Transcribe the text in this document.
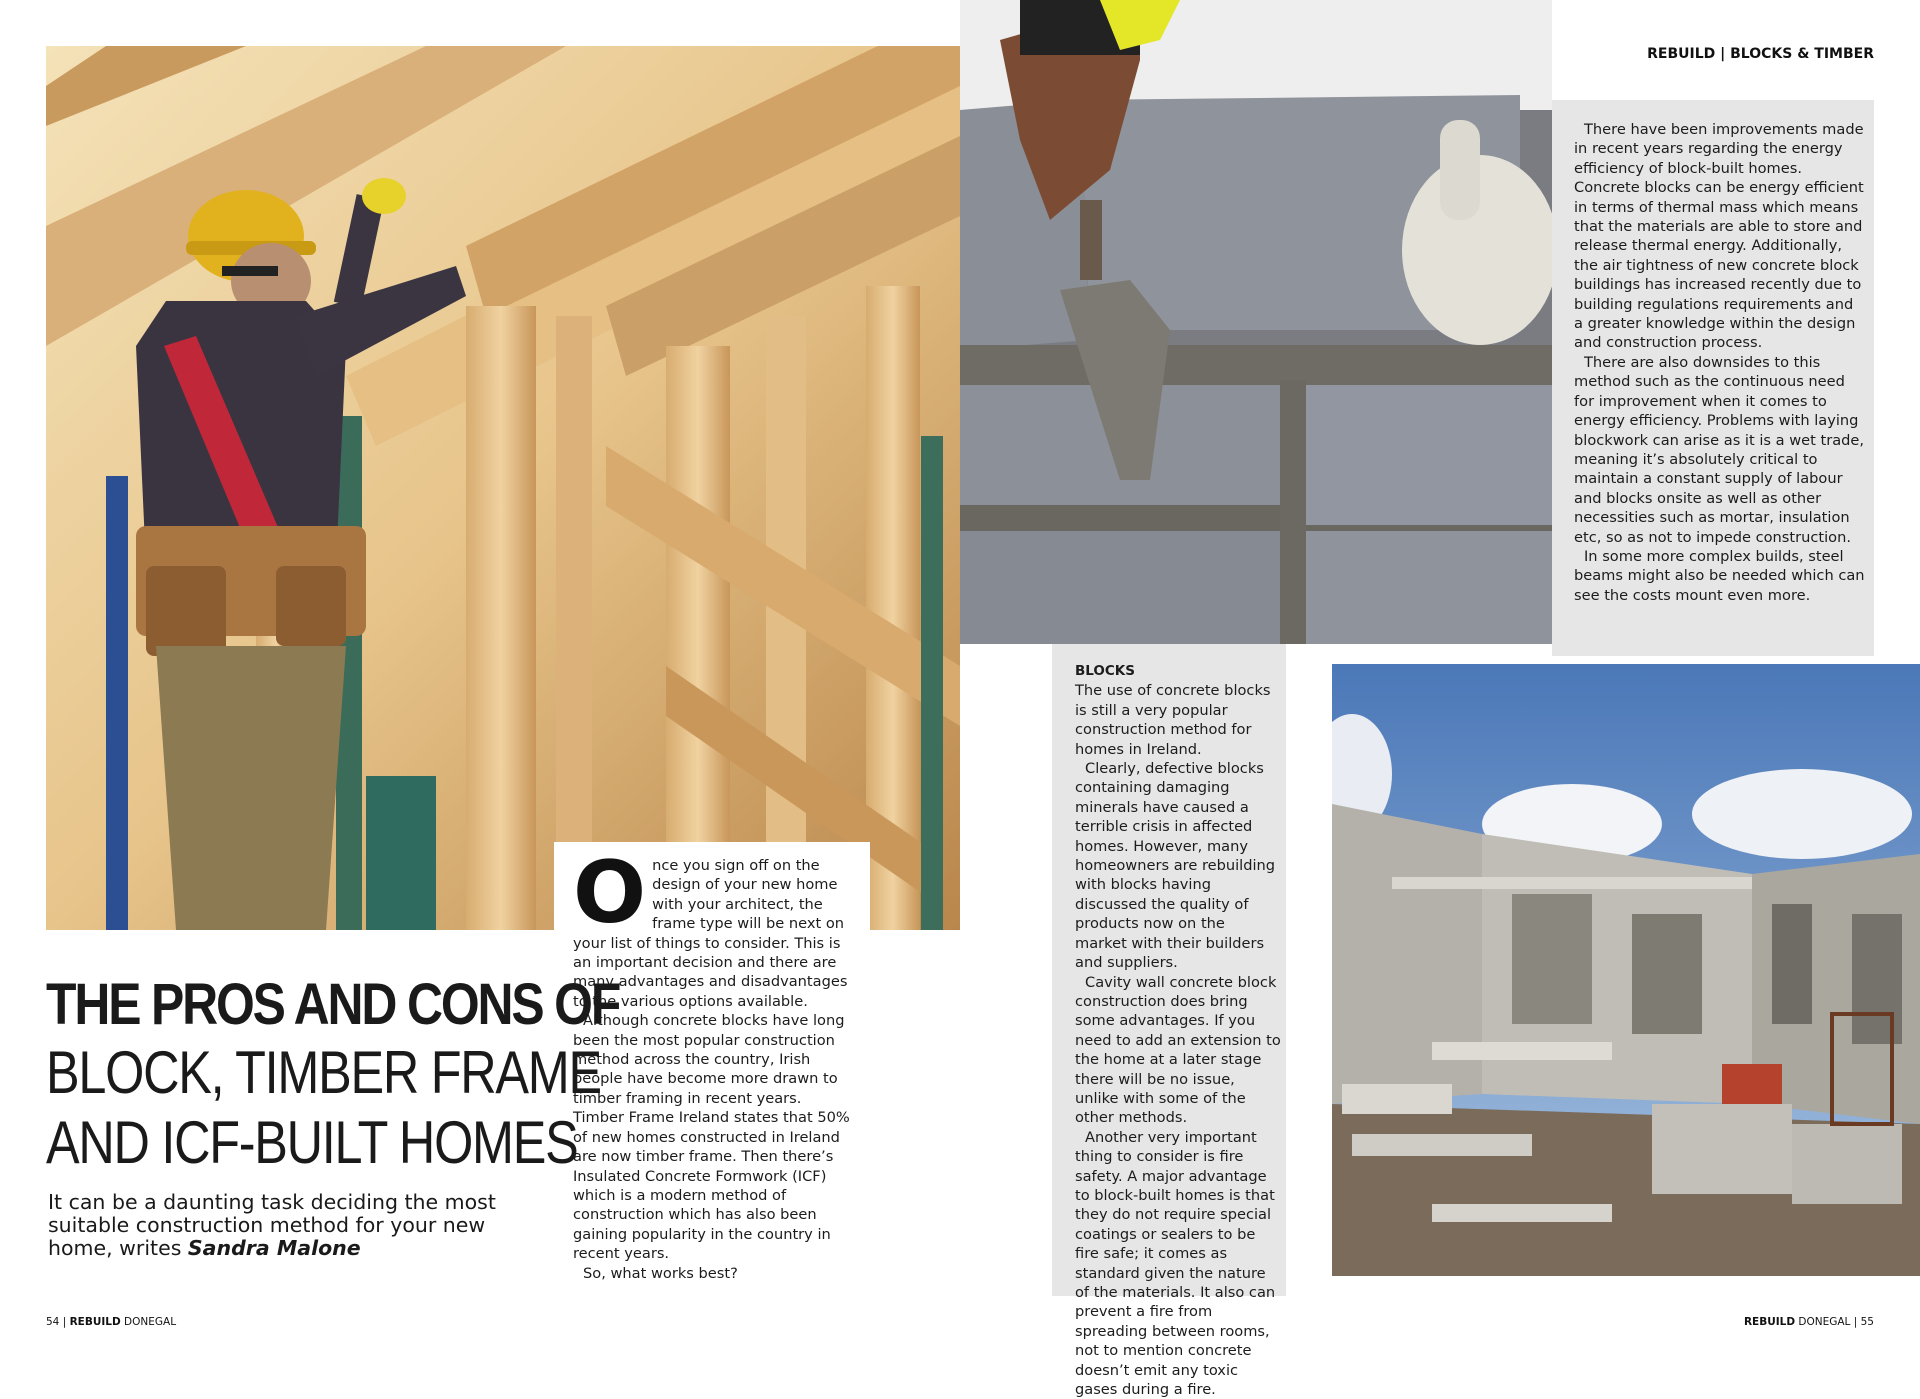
REBUILD | BLOCKS & TIMBER

There have been improvements made in recent years regarding the energy efficiency of block-built homes. Concrete blocks can be energy efficient in terms of thermal mass which means that the materials are able to store and release thermal energy. Additionally, the air tightness of new concrete block buildings has increased recently due to building regulations requirements and a greater knowledge within the design and construction process.

There are also downsides to this method such as the continuous need for improvement when it comes to energy efficiency. Problems with laying blockwork can arise as it is a wet trade, meaning it’s absolutely critical to maintain a constant supply of labour and blocks onsite as well as other necessities such as mortar, insulation etc, so as not to impede construction.

In some more complex builds, steel beams might also be needed which can see the costs mount even more.

BLOCKS

The use of concrete blocks is still a very popular construction method for homes in Ireland.

Clearly, defective blocks containing damaging minerals have caused a terrible crisis in affected homes. However, many homeowners are rebuilding with blocks having discussed the quality of products now on the market with their builders and suppliers.

Cavity wall concrete block construction does bring some advantages. If you need to add an extension to the home at a later stage there will be no issue, unlike with some of the other methods.

Another very important thing to consider is fire safety. A major advantage to block-built homes is that they do not require special coatings or sealers to be fire safe; it comes as standard given the nature of the materials. It also can prevent a fire from spreading between rooms, not to mention concrete doesn’t emit any toxic gases during a fire.

Once you sign off on the design of your new home with your architect, the frame type will be next on your list of things to consider. This is an important decision and there are many advantages and disadvantages to the various options available.

Although concrete blocks have long been the most popular construction method across the country, Irish people have become more drawn to timber framing in recent years. Timber Frame Ireland states that 50% of new homes constructed in Ireland are now timber frame. Then there’s Insulated Concrete Formwork (ICF) which is a modern method of construction which has also been gaining popularity in the country in recent years.

So, what works best?

THE PROS AND CONS OF
BLOCK, TIMBER FRAME
AND ICF-BUILT HOMES
It can be a daunting task deciding the most suitable construction method for your new home, writes Sandra Malone
54 | REBUILD DONEGAL	REBUILD DONEGAL | 55
